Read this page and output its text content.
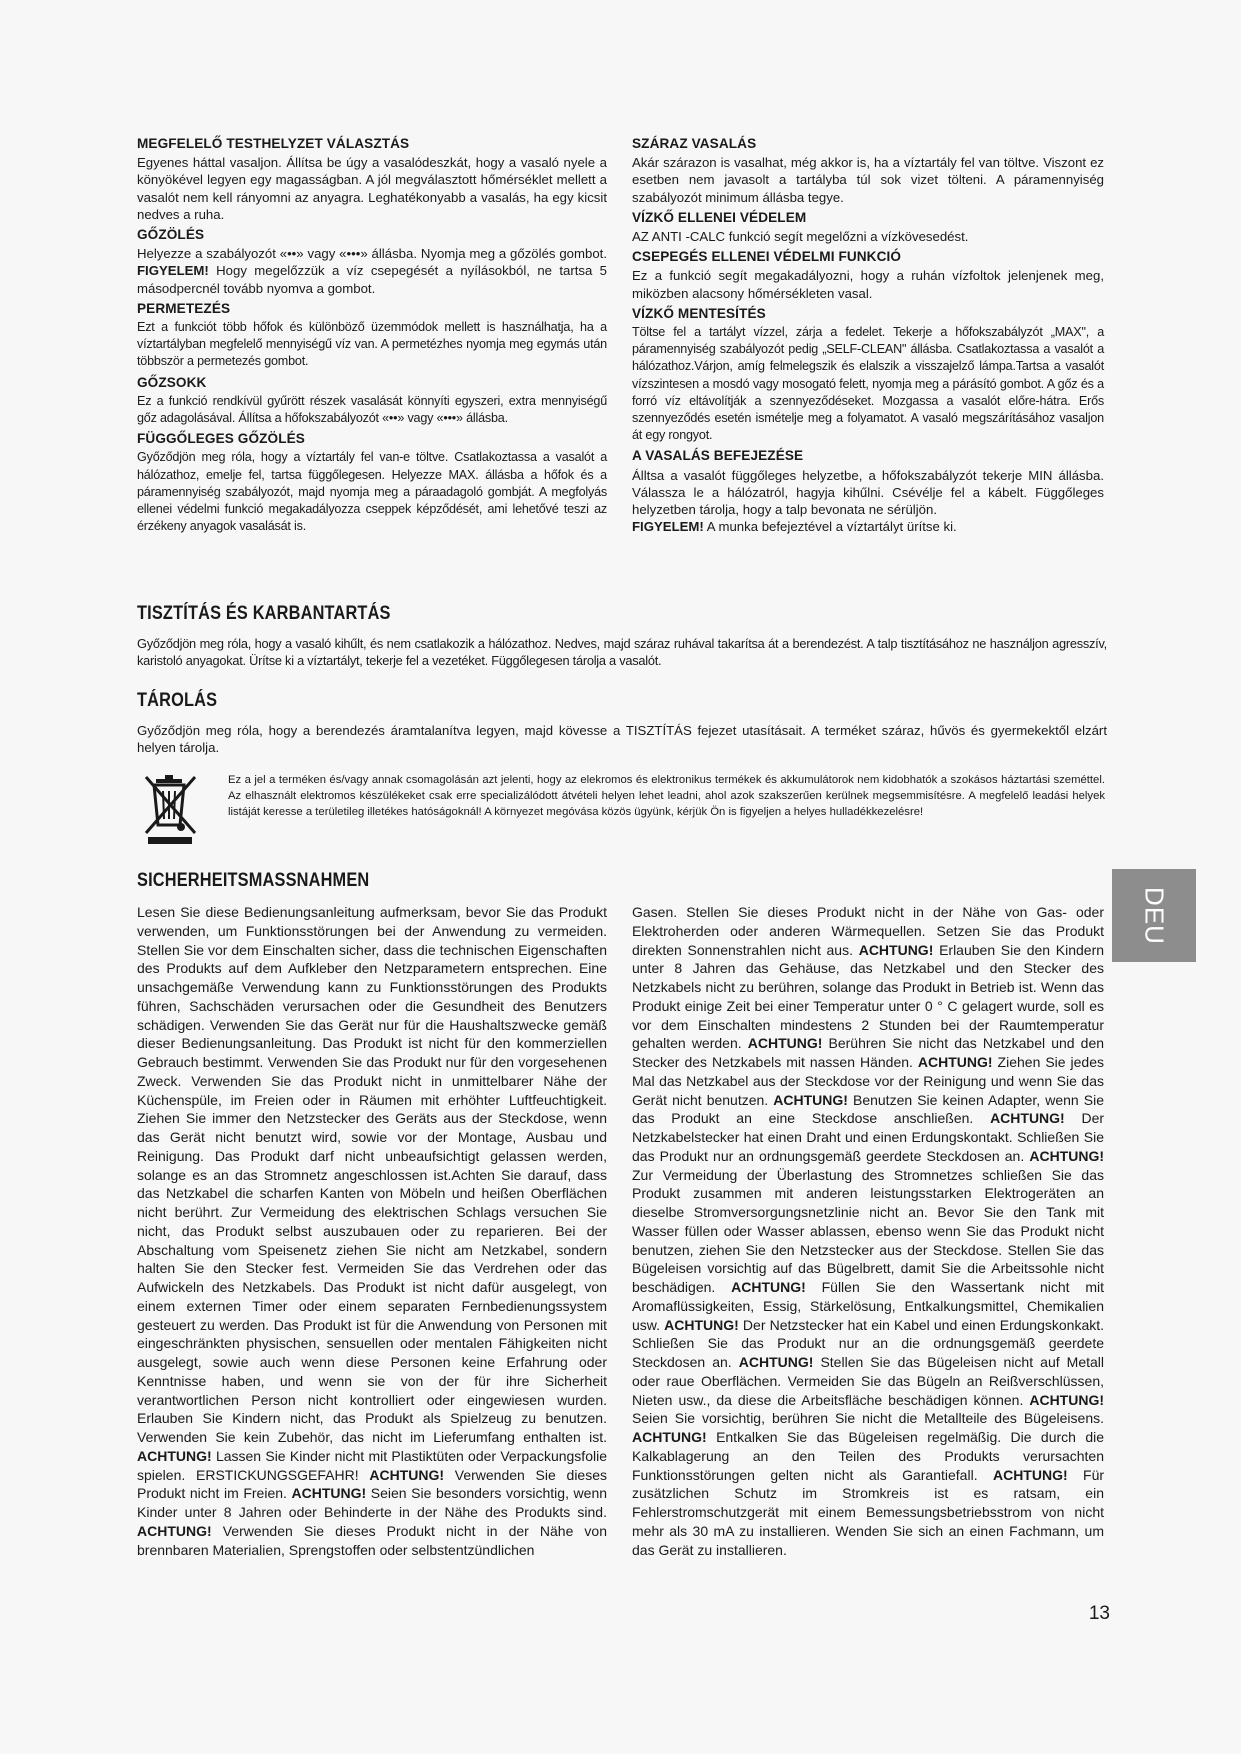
MEGFELELŐ TESTHELYZET VÁLASZTÁS

Egyenes háttal vasaljon. Állítsa be úgy a vasalódeszkát, hogy a vasaló nyele a könyökével legyen egy magasságban. A jól megválasztott hőmérséklet mellett a vasalót nem kell rányomni az anyagra. Leghatékonyabb a vasalás, ha egy kicsit nedves a ruha.

GŐZÖLÉS

Helyezze a szabályozót «••» vagy «•••» állásba. Nyomja meg a gőzölés gombot. FIGYELEM! Hogy megelőzzük a víz csepegését a nyílásokból, ne tartsa 5 másodpercnél tovább nyomva a gombot.

PERMETEZÉS

Ezt a funkciót több hőfok és különböző üzemmódok mellett is használhatja, ha a víztartályban megfelelő mennyiségű víz van. A permetézhes nyomja meg egymás után többször a permetezés gombot.

GŐZSOKK

Ez a funkció rendkívül gyűrött részek vasalását könnyíti egyszeri, extra mennyiségű gőz adagolásával. Állítsa a hőfokszabályozót «••» vagy «•••» állásba.

FÜGGŐLEGES GŐZÖLÉS

Győződjön meg róla, hogy a víztartály fel van-e töltve. Csatlakoztassa a vasalót a hálózathoz, emelje fel, tartsa függőlegesen. Helyezze MAX. állásba a hőfok és a páramennyiség szabályozót, majd nyomja meg a páraadagoló gombját. A megfolyás ellenei védelmi funkció megakadályozza cseppek képződését, ami lehetővé teszi az érzékeny anyagok vasalását is.

SZÁRAZ VASALÁS

Akár szárazon is vasalhat, még akkor is, ha a víztartály fel van töltve. Viszont ez esetben nem javasolt a tartályba túl sok vizet tölteni. A páramennyiség szabályozót minimum állásba tegye.

VÍZKŐ ELLENEI VÉDELEM

AZ ANTI -CALC funkció segít megelőzni a vízkövesedést.

CSEPEGÉS ELLENEI VÉDELMI FUNKCIÓ

Ez a funkció segít megakadályozni, hogy a ruhán vízfoltok jelenjenek meg, miközben alacsony hőmérsékleten vasal.

VÍZKŐ MENTESÍTÉS

Töltse fel a tartályt vízzel, zárja a fedelet. Tekerje a hőfokszabályzót „MAX", a páramennyiség szabályozót pedig „SELF-CLEAN" állásba. Csatlakoztassa a vasalót a hálózathoz.Várjon, amíg felmelegszik és elalszik a visszajelző lámpa.Tartsa a vasalót vízszintesen a mosdó vagy mosogató felett, nyomja meg a párásító gombot. A gőz és a forró víz eltávolítják a szennyeződéseket. Mozgassa a vasalót előre-hátra. Erős szennyeződés esetén ismételje meg a folyamatot. A vasaló megszárításához vasaljon át egy rongyot.

A VASALÁS BEFEJEZÉSE

Álltsa a vasalót függőleges helyzetbe, a hőfokszabályzót tekerje MIN állásba. Válassza le a hálózatról, hagyja kihűlni. Csévélje fel a kábelt. Függőleges helyzetben tárolja, hogy a talp bevonata ne sérüljön.
FIGYELEM! A munka befejeztével a víztartályt ürítse ki.

TISZTÍTÁS ÉS KARBANTARTÁS

Győződjön meg róla, hogy a vasaló kihűlt, és nem csatlakozik a hálózathoz. Nedves, majd száraz ruhával takarítsa át a berendezést. A talp tisztításához ne használjon agresszív, karistoló anyagokat. Ürítse ki a víztartályt, tekerje fel a vezetéket. Függőlegesen tárolja a vasalót.

TÁROLÁS

Győződjön meg róla, hogy a berendezés áramtalanítva legyen, majd kövesse a TISZTÍTÁS fejezet utasításait. A terméket száraz, hűvös és gyermekektől elzárt helyen tárolja.

Ez a jel a terméken és/vagy annak csomagolásán azt jelenti, hogy az elekromos és elektronikus termékek és akkumulátorok nem kidobhatók a szokásos háztartási szeméttel. Az elhasznált elektromos készülékeket csak erre specializálódott átvételi helyen lehet leadni, ahol azok szakszerűen kerülnek megsemmisítésre. A megfelelő leadási helyek listáját keresse a területileg illetékes hatóságoknál! A környezet megóvása közös ügyünk, kérjük Ön is figyeljen a helyes hulladékkezelésre!

SICHERHEITSMASSNAHMEN

Lesen Sie diese Bedienungsanleitung aufmerksam, bevor Sie das Produkt verwenden, um Funktionsstörungen bei der Anwendung zu vermeiden. Stellen Sie vor dem Einschalten sicher, dass die technischen Eigenschaften des Produkts auf dem Aufkleber den Netzparametern entsprechen. Eine unsachgemäße Verwendung kann zu Funktionsstörungen des Produkts führen, Sachschäden verursachen oder die Gesundheit des Benutzers schädigen. Verwenden Sie das Gerät nur für die Haushaltszwecke gemäß dieser Bedienungsanleitung. Das Produkt ist nicht für den kommerziellen Gebrauch bestimmt. Verwenden Sie das Produkt nur für den vorgesehenen Zweck. Verwenden Sie das Produkt nicht in unmittelbarer Nähe der Küchenspüle, im Freien oder in Räumen mit erhöhter Luftfeuchtigkeit. Ziehen Sie immer den Netzstecker des Geräts aus der Steckdose, wenn das Gerät nicht benutzt wird, sowie vor der Montage, Ausbau und Reinigung. Das Produkt darf nicht unbeaufsichtigt gelassen werden, solange es an das Stromnetz angeschlossen ist.Achten Sie darauf, dass das Netzkabel die scharfen Kanten von Möbeln und heißen Oberflächen nicht berührt. Zur Vermeidung des elektrischen Schlags versuchen Sie nicht, das Produkt selbst auszubauen oder zu reparieren. Bei der Abschaltung vom Speisenetz ziehen Sie nicht am Netzkabel, sondern halten Sie den Stecker fest. Vermeiden Sie das Verdrehen oder das Aufwickeln des Netzkabels. Das Produkt ist nicht dafür ausgelegt, von einem externen Timer oder einem separaten Fernbedienungssystem gesteuert zu werden. Das Produkt ist für die Anwendung von Personen mit eingeschränkten physischen, sensuellen oder mentalen Fähigkeiten nicht ausgelegt, sowie auch wenn diese Personen keine Erfahrung oder Kenntnisse haben, und wenn sie von der für ihre Sicherheit verantwortlichen Person nicht kontrolliert oder eingewiesen wurden. Erlauben Sie Kindern nicht, das Produkt als Spielzeug zu benutzen. Verwenden Sie kein Zubehör, das nicht im Lieferumfang enthalten ist. ACHTUNG! Lassen Sie Kinder nicht mit Plastiktüten oder Verpackungsfolie spielen. ERSTICKUNGSGEFAHR! ACHTUNG! Verwenden Sie dieses Produkt nicht im Freien. ACHTUNG! Seien Sie besonders vorsichtig, wenn Kinder unter 8 Jahren oder Behinderte in der Nähe des Produkts sind. ACHTUNG! Verwenden Sie dieses Produkt nicht in der Nähe von brennbaren Materialien, Sprengstoffen oder selbstentzündlichen

Gasen. Stellen Sie dieses Produkt nicht in der Nähe von Gas- oder Elektroherden oder anderen Wärmequellen. Setzen Sie das Produkt direkten Sonnenstrahlen nicht aus. ACHTUNG! Erlauben Sie den Kindern unter 8 Jahren das Gehäuse, das Netzkabel und den Stecker des Netzkabels nicht zu berühren, solange das Produkt in Betrieb ist. Wenn das Produkt einige Zeit bei einer Temperatur unter 0 ° C gelagert wurde, soll es vor dem Einschalten mindestens 2 Stunden bei der Raumtemperatur gehalten werden. ACHTUNG! Berühren Sie nicht das Netzkabel und den Stecker des Netzkabels mit nassen Händen. ACHTUNG! Ziehen Sie jedes Mal das Netzkabel aus der Steckdose vor der Reinigung und wenn Sie das Gerät nicht benutzen. ACHTUNG! Benutzen Sie keinen Adapter, wenn Sie das Produkt an eine Steckdose anschließen. ACHTUNG! Der Netzkabelstecker hat einen Draht und einen Erdungskontakt. Schließen Sie das Produkt nur an ordnungsgemäß geerdete Steckdosen an. ACHTUNG! Zur Vermeidung der Überlastung des Stromnetzes schließen Sie das Produkt zusammen mit anderen leistungsstarken Elektrogeräten an dieselbe Stromversorgungsnetzlinie nicht an. Bevor Sie den Tank mit Wasser füllen oder Wasser ablassen, ebenso wenn Sie das Produkt nicht benutzen, ziehen Sie den Netzstecker aus der Steckdose. Stellen Sie das Bügeleisen vorsichtig auf das Bügelbrett, damit Sie die Arbeitssohle nicht beschädigen. ACHTUNG! Füllen Sie den Wassertank nicht mit Aromaflüssigkeiten, Essig, Stärkelösung, Entkalkungsmittel, Chemikalien usw. ACHTUNG! Der Netzstecker hat ein Kabel und einen Erdungskonkakt. Schließen Sie das Produkt nur an die ordnungsgemäß geerdete Steckdosen an. ACHTUNG! Stellen Sie das Bügeleisen nicht auf Metall oder raue Oberflächen. Vermeiden Sie das Bügeln an Reißverschlüssen, Nieten usw., da diese die Arbeitsfläche beschädigen können. ACHTUNG! Seien Sie vorsichtig, berühren Sie nicht die Metallteile des Bügeleisens. ACHTUNG! Entkalken Sie das Bügeleisen regelmäßig. Die durch die Kalkablagerung an den Teilen des Produkts verursachten Funktionsstörungen gelten nicht als Garantiefall. ACHTUNG! Für zusätzlichen Schutz im Stromkreis ist es ratsam, ein Fehlerstromschutzgerät mit einem Bemessungsbetriebsstrom von nicht mehr als 30 mA zu installieren. Wenden Sie sich an einen Fachmann, um das Gerät zu installieren.

DEU

13
